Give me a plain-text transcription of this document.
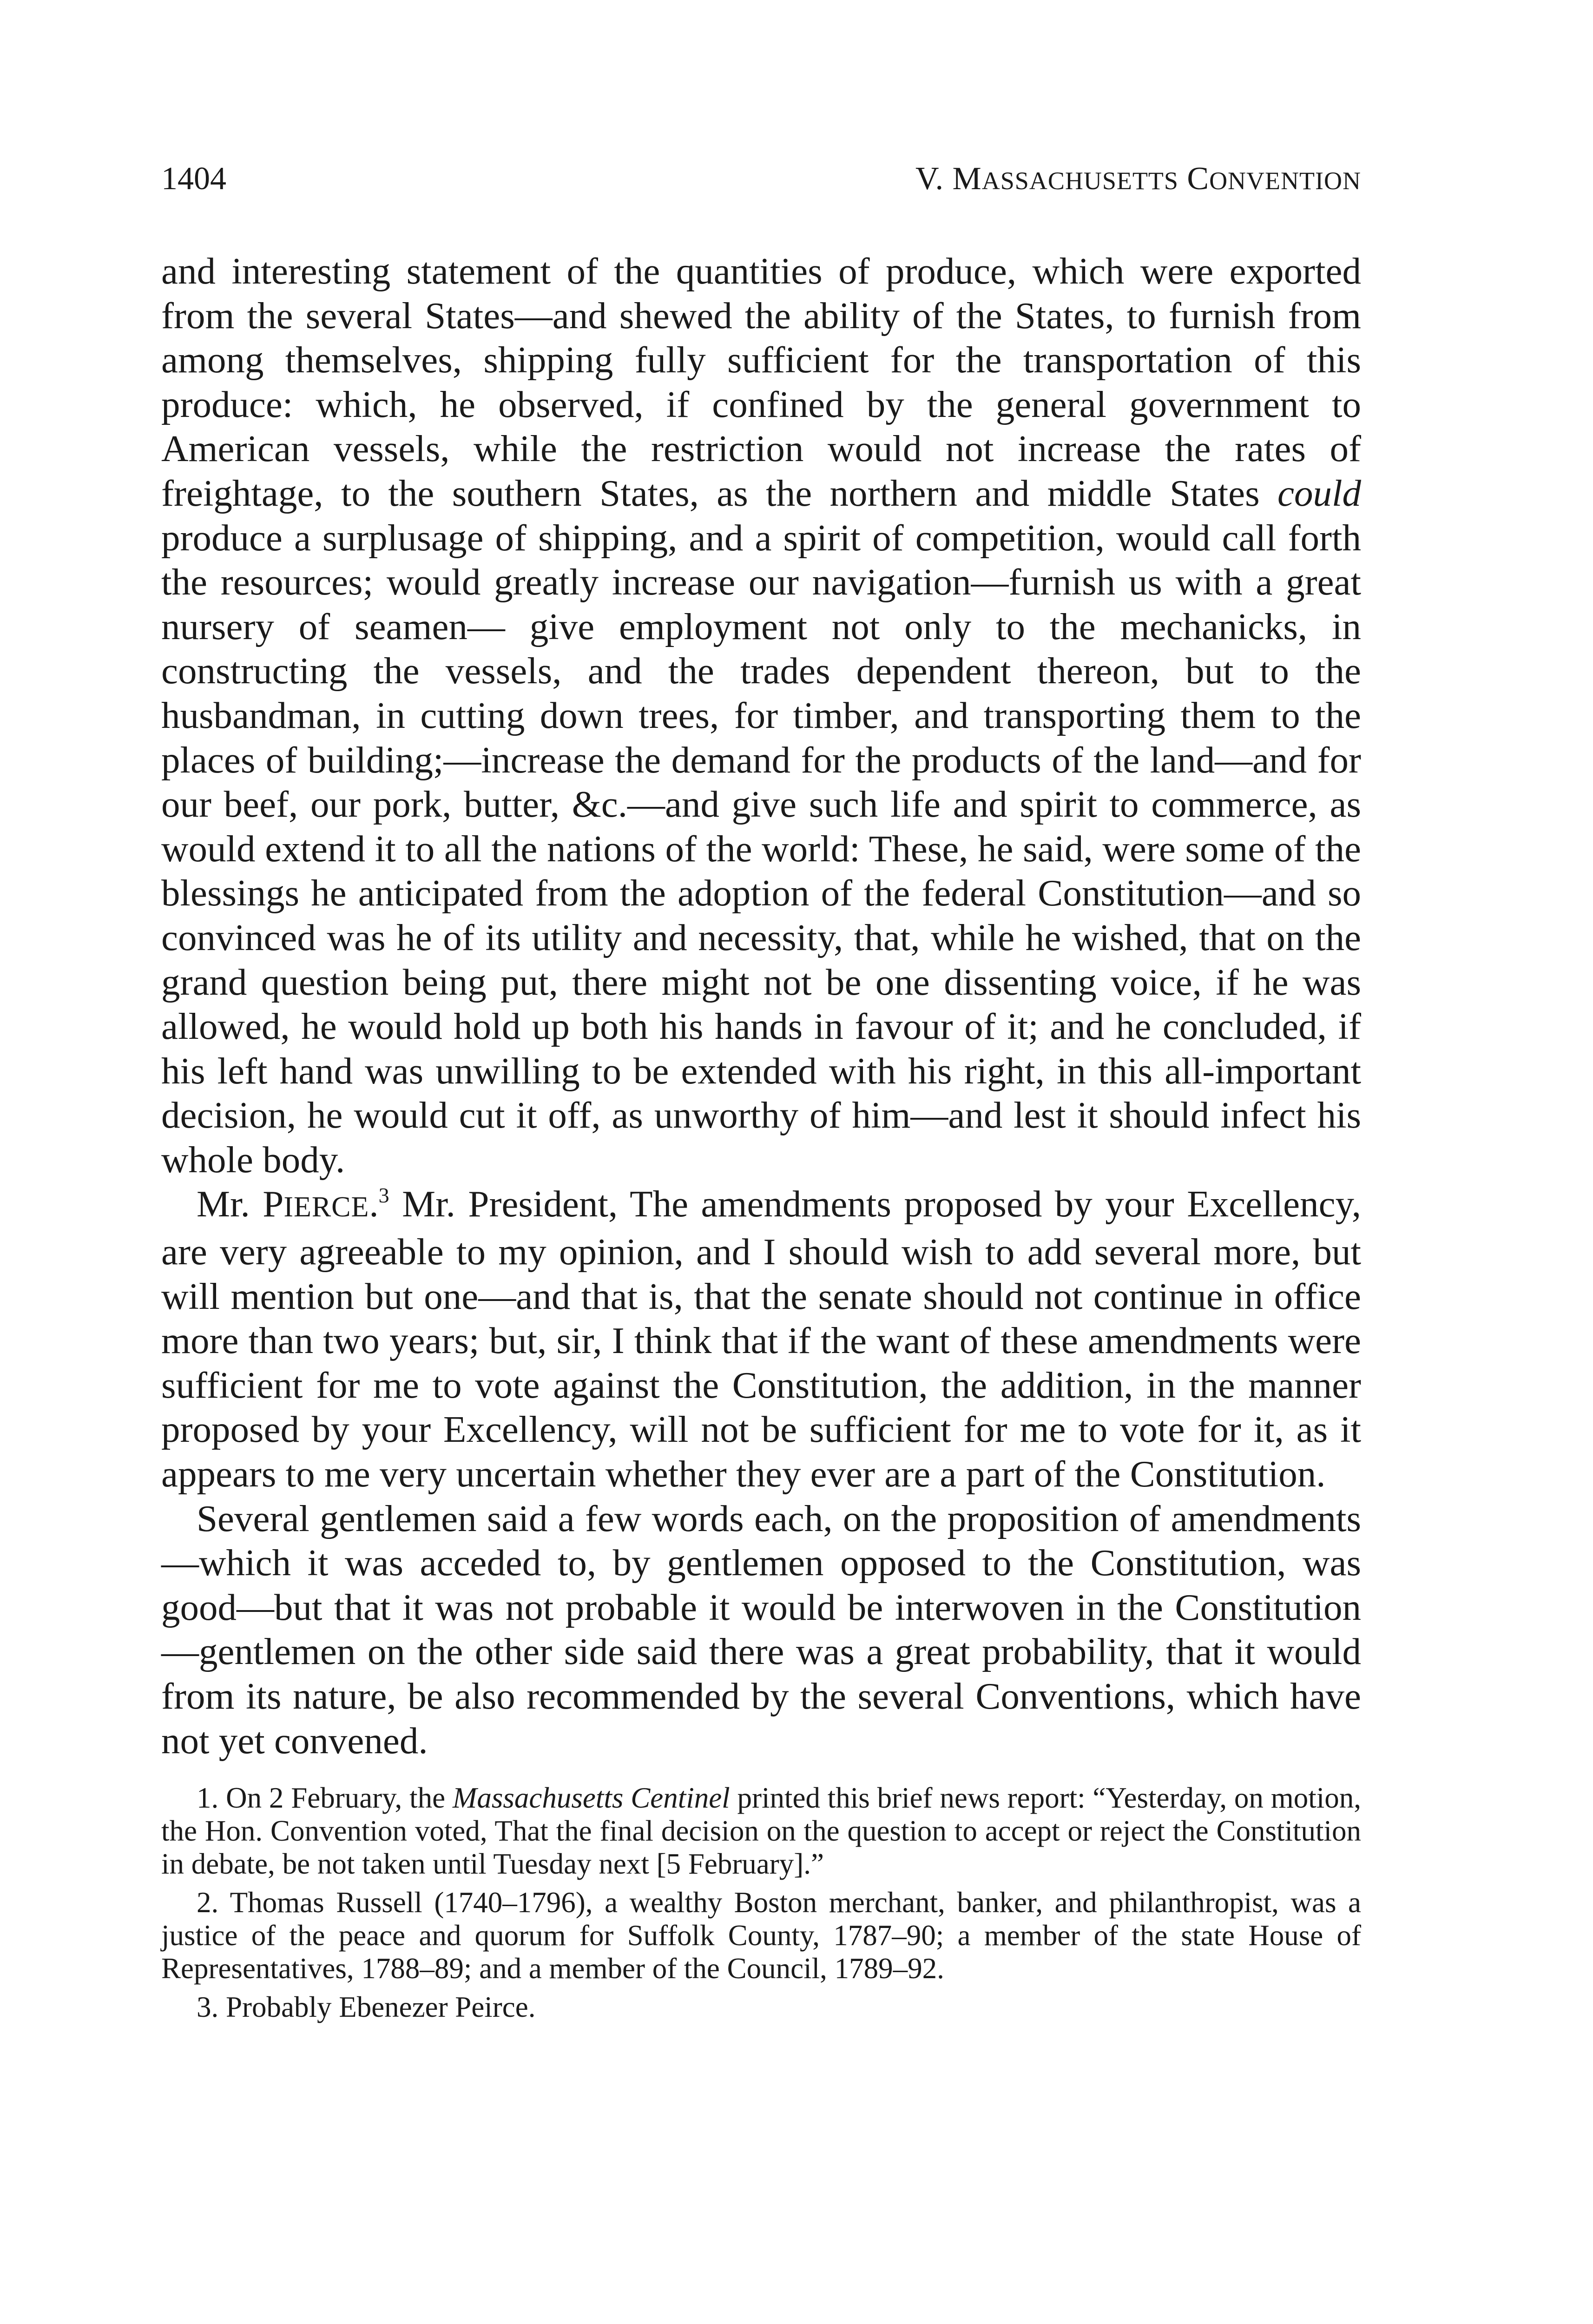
1404	V. MASSACHUSETTS CONVENTION

and interesting statement of the quantities of produce, which were exported from the several States—and shewed the ability of the States, to furnish from among themselves, shipping fully sufficient for the transportation of this produce: which, he observed, if confined by the general government to American vessels, while the restriction would not increase the rates of freightage, to the southern States, as the northern and middle States could produce a surplusage of shipping, and a spirit of competition, would call forth the resources; would greatly increase our navigation—furnish us with a great nursery of seamen— give employment not only to the mechanicks, in constructing the vessels, and the trades dependent thereon, but to the husbandman, in cutting down trees, for timber, and transporting them to the places of building;—increase the demand for the products of the land—and for our beef, our pork, butter, &c.—and give such life and spirit to commerce, as would extend it to all the nations of the world: These, he said, were some of the blessings he anticipated from the adoption of the federal Constitution—and so convinced was he of its utility and necessity, that, while he wished, that on the grand question being put, there might not be one dissenting voice, if he was allowed, he would hold up both his hands in favour of it; and he concluded, if his left hand was unwilling to be extended with his right, in this all-important decision, he would cut it off, as unworthy of him—and lest it should infect his whole body.

Mr. PIERCE.$^3$ Mr. President, The amendments proposed by your Excellency, are very agreeable to my opinion, and I should wish to add several more, but will mention but one—and that is, that the senate should not continue in office more than two years; but, sir, I think that if the want of these amendments were sufficient for me to vote against the Constitution, the addition, in the manner proposed by your Excellency, will not be sufficient for me to vote for it, as it appears to me very uncertain whether they ever are a part of the Constitution.

Several gentlemen said a few words each, on the proposition of amendments—which it was acceded to, by gentlemen opposed to the Constitution, was good—but that it was not probable it would be interwoven in the Constitution—gentlemen on the other side said there was a great probability, that it would from its nature, be also recommended by the several Conventions, which have not yet convened.

1. On 2 February, the Massachusetts Centinel printed this brief news report: “Yesterday, on motion, the Hon. Convention voted, That the final decision on the question to accept or reject the Constitution in debate, be not taken until Tuesday next [5 February].”

2. Thomas Russell (1740–1796), a wealthy Boston merchant, banker, and philanthropist, was a justice of the peace and quorum for Suffolk County, 1787–90; a member of the state House of Representatives, 1788–89; and a member of the Council, 1789–92.

3. Probably Ebenezer Peirce.
